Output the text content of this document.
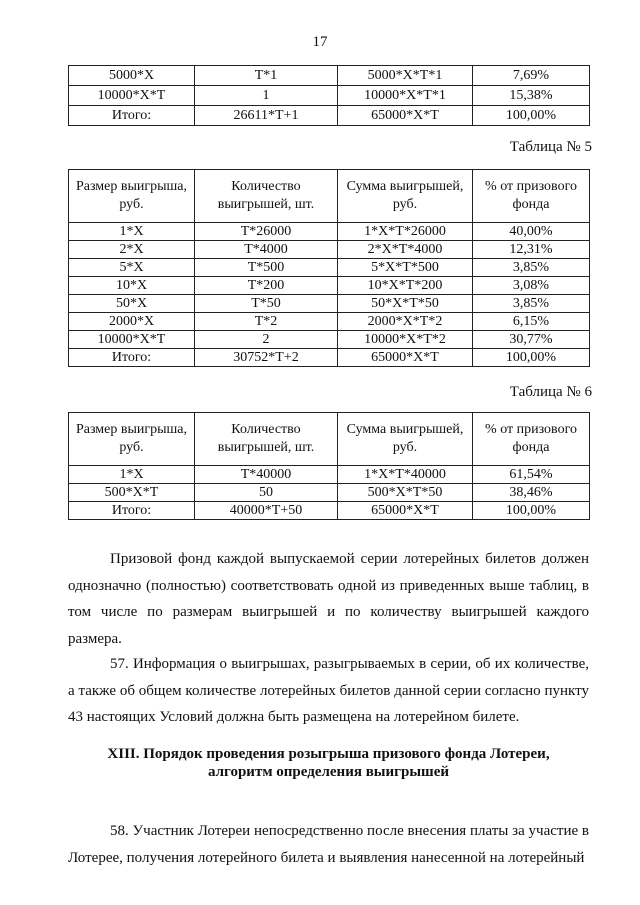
17
5000*X	T*1	5000*X*T*1	7,69%
10000*X*T	1	10000*X*T*1	15,38%
Итого:	26611*T+1	65000*X*T	100,00%
Таблица № 5
Размер выигрыша, руб.	Количество выигрышей, шт.	Сумма выигрышей, руб.	% от призового фонда
1*X	T*26000	1*X*T*26000	40,00%
2*X	T*4000	2*X*T*4000	12,31%
5*X	T*500	5*X*T*500	3,85%
10*X	T*200	10*X*T*200	3,08%
50*X	T*50	50*X*T*50	3,85%
2000*X	T*2	2000*X*T*2	6,15%
10000*X*T	2	10000*X*T*2	30,77%
Итого:	30752*T+2	65000*X*T	100,00%
Таблица № 6
Размер выигрыша, руб.	Количество выигрышей, шт.	Сумма выигрышей, руб.	% от призового фонда
1*X	T*40000	1*X*T*40000	61,54%
500*X*T	50	500*X*T*50	38,46%
Итого:	40000*T+50	65000*X*T	100,00%

Призовой фонд каждой выпускаемой серии лотерейных билетов должен однозначно (полностью) соответствовать одной из приведенных выше таблиц, в том числе по размерам выигрышей и по количеству выигрышей каждого размера.

57. Информация о выигрышах, разыгрываемых в серии, об их количестве, а также об общем количестве лотерейных билетов данной серии согласно пункту 43 настоящих Условий должна быть размещена на лотерейном билете.

XIII. Порядок проведения розыгрыша призового фонда Лотереи,
алгоритм определения выигрышей

58. Участник Лотереи непосредственно после внесения платы за участие в Лотерее, получения лотерейного билета и выявления нанесенной на лотерейный
